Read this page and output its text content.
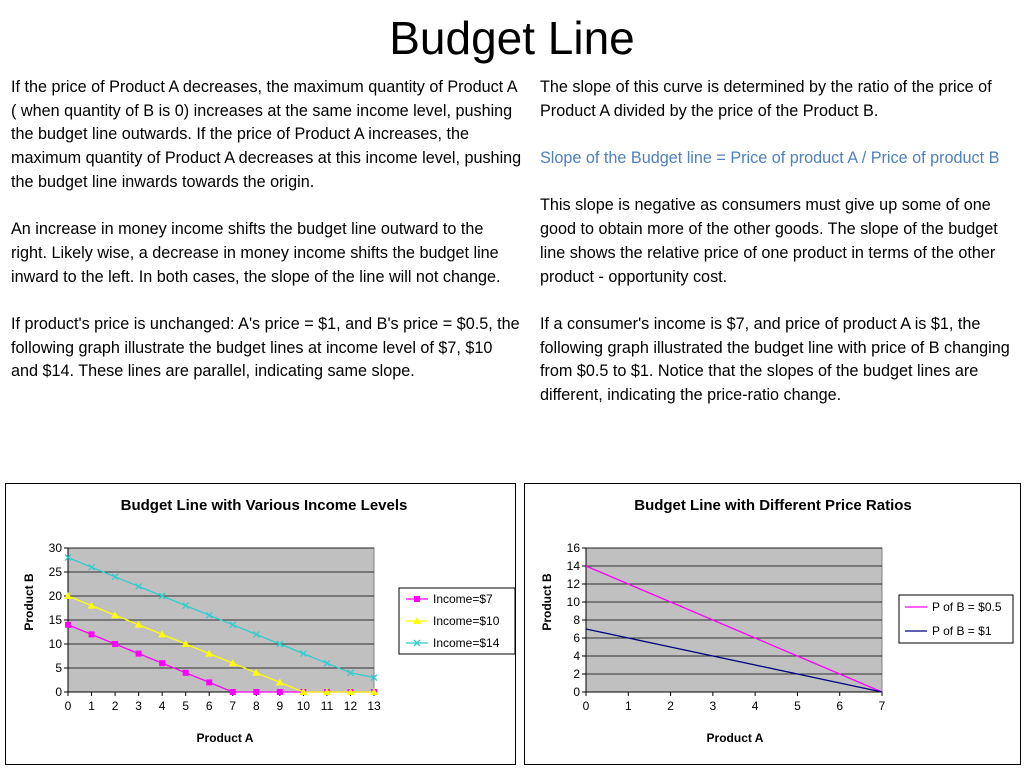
Budget Line

If the price of Product A decreases, the maximum quantity of Product A ( when quantity of B is 0) increases at the same income level, pushing the budget line outwards. If the price of Product A increases, the maximum quantity of Product A decreases at this income level, pushing the budget line inwards towards the origin.

An increase in money income shifts the budget line outward to the right. Likely wise, a decrease in money income shifts the budget line inward to the left. In both cases, the slope of the line will not change.

If product's price is unchanged: A's price = $1, and B's price = $0.5, the following graph illustrate the budget lines at income level of $7, $10 and $14. These lines are parallel, indicating same slope.

The slope of this curve is determined by the ratio of the price of Product A divided by the price of the Product B.

Slope of the Budget line = Price of product A / Price of product B

This slope is negative as consumers must give up some of one good to obtain more of the other goods. The slope of the budget line shows the relative price of one product in terms of the other product - opportunity cost.

If a consumer's income is $7, and price of product A is $1, the following graph illustrated the budget line with price of B changing from $0.5 to $1. Notice that the slopes of the budget lines are different, indicating the price-ratio change.

Budget Line with Various Income Levels
Product B
Product A
0
5
10
15
20
25
30
0 1 2 3 4 5 6 7 8 9 10 11 12 13
Income=$7
Income=$10
Income=$14
Budget Line with Different Price Ratios
Product B
Product A
0
2
4
6
8
10
12
14
16
0	1	2	3	4	5	6	7
P of B = $0.5
P of B = $1
